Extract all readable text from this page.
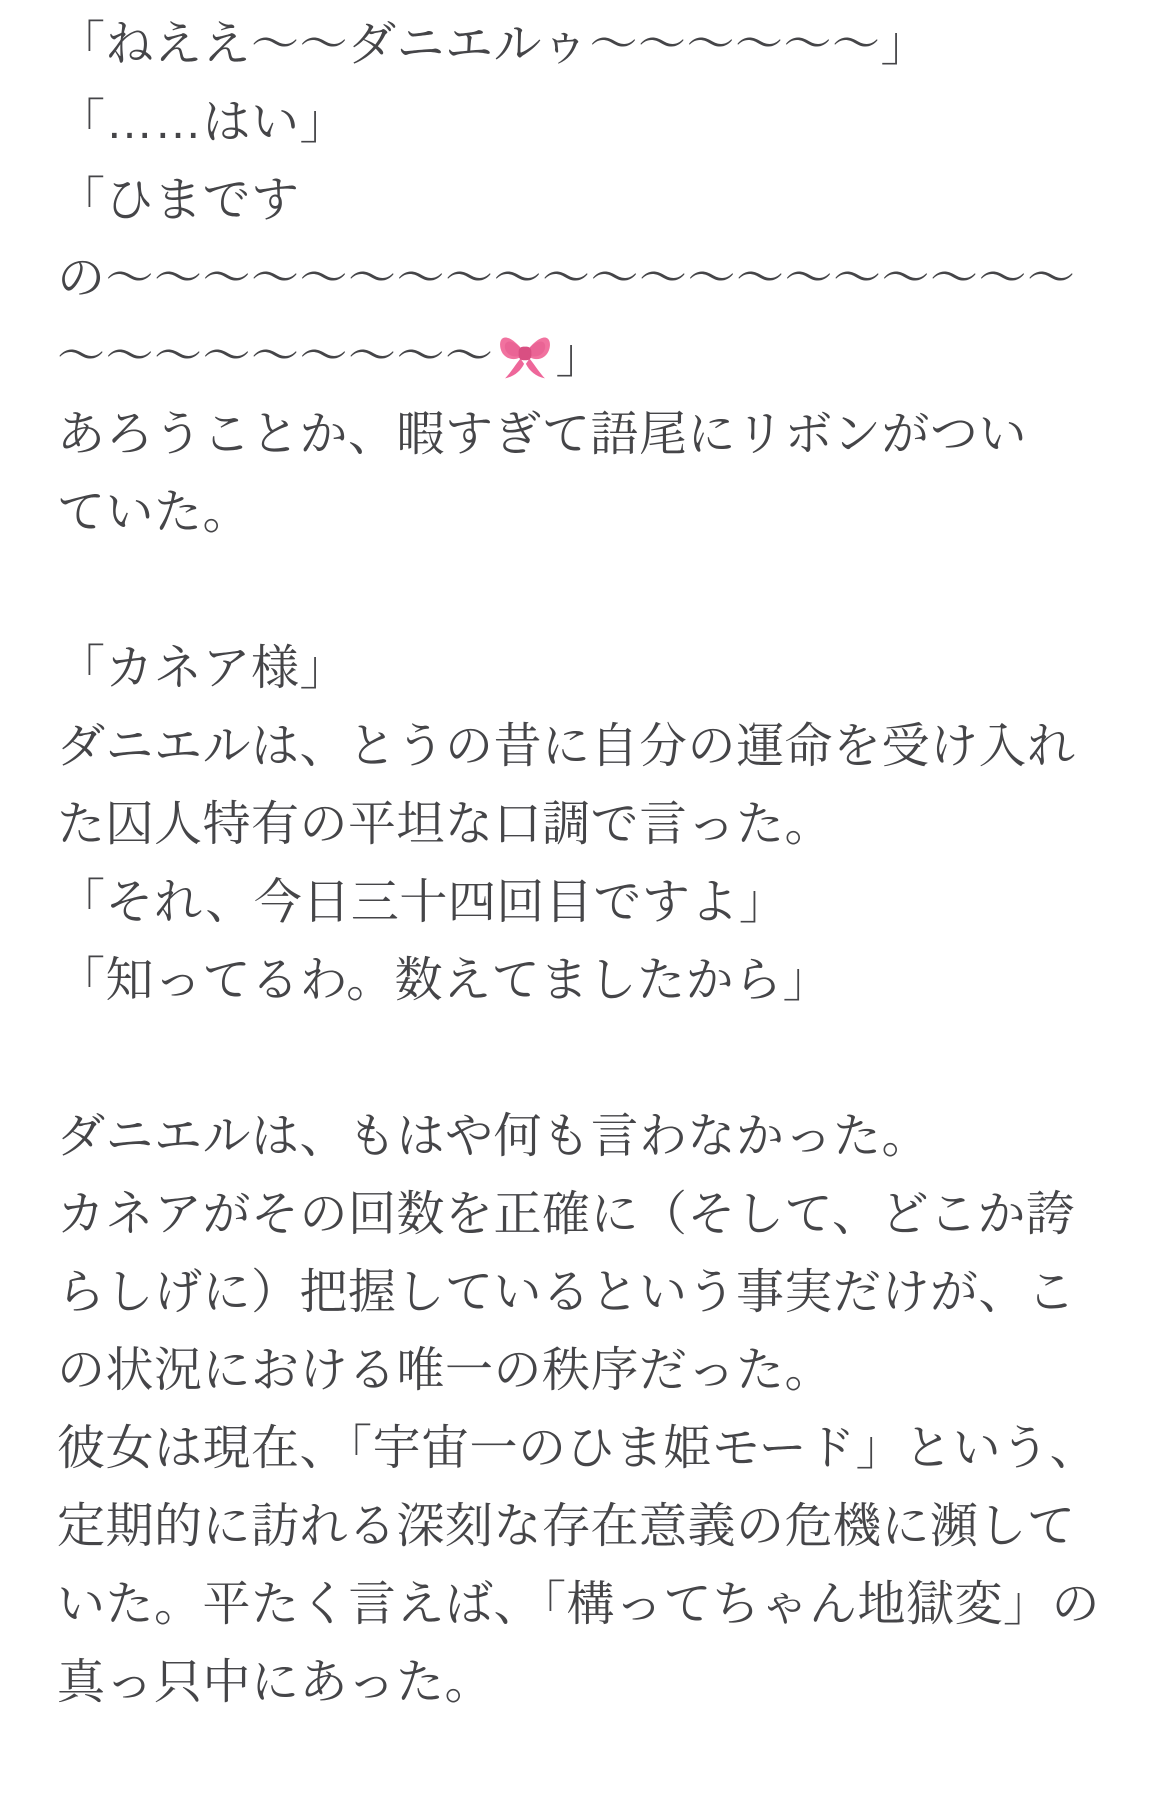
「ねええ〜〜ダニエルゥ〜〜〜〜〜〜」
「……はい」
「ひまです
の〜〜〜〜〜〜〜〜〜〜〜〜〜〜〜〜〜〜〜〜
〜〜〜〜〜〜〜〜〜 」
あろうことか、暇すぎて語尾にリボンがつい
ていた。

「カネア様」
ダニエルは、とうの昔に自分の運命を受け入れ
た囚人特有の平坦な口調で言った。
「それ、今日三十四回目ですよ」
「知ってるわ。数えてましたから」

ダニエルは、もはや何も言わなかった。
カネアがその回数を正確に（そして、どこか誇
らしげに）把握しているという事実だけが、こ
の状況における唯一の秩序だった。
彼女は現在、「宇宙一のひま姫モード」という、
定期的に訪れる深刻な存在意義の危機に瀕して
いた。平たく言えば、「構ってちゃん地獄変」の
真っ只中にあった。
